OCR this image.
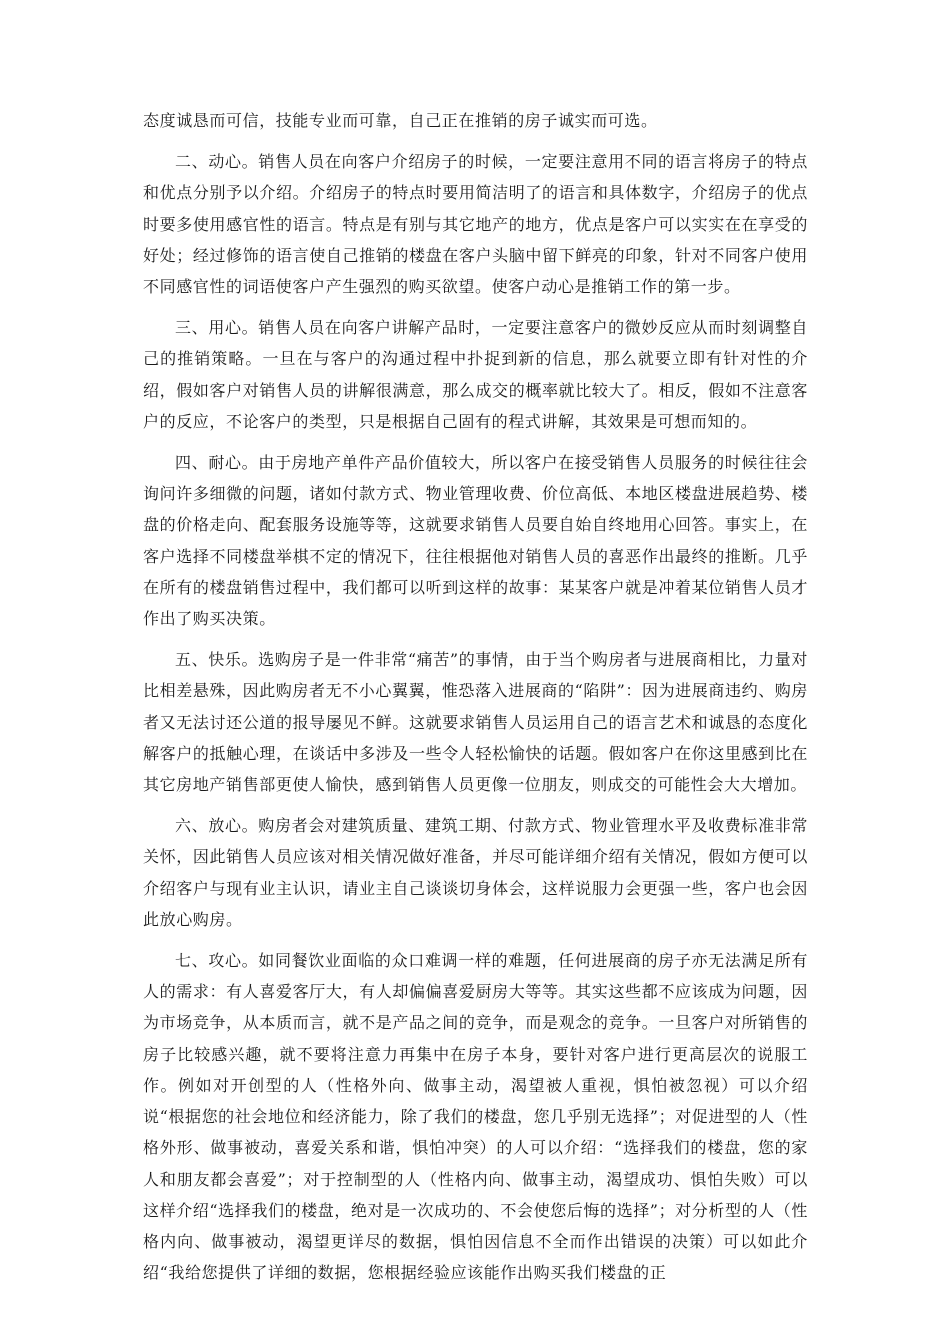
态度诚恳而可信，技能专业而可靠，自己正在推销的房子诚实而可选。

二、动心。销售人员在向客户介绍房子的时候，一定要注意用不同的语言将房子的特点和优点分别予以介绍。介绍房子的特点时要用简洁明了的语言和具体数字，介绍房子的优点时要多使用感官性的语言。特点是有别与其它地产的地方，优点是客户可以实实在在享受的好处；经过修饰的语言使自己推销的楼盘在客户头脑中留下鲜亮的印象，针对不同客户使用不同感官性的词语使客户产生强烈的购买欲望。使客户动心是推销工作的第一步。

三、用心。销售人员在向客户讲解产品时，一定要注意客户的微妙反应从而时刻调整自己的推销策略。一旦在与客户的沟通过程中扑捉到新的信息，那么就要立即有针对性的介绍，假如客户对销售人员的讲解很满意，那么成交的概率就比较大了。相反，假如不注意客户的反应，不论客户的类型，只是根据自己固有的程式讲解，其效果是可想而知的。

四、耐心。由于房地产单件产品价值较大，所以客户在接受销售人员服务的时候往往会询问许多细微的问题，诸如付款方式、物业管理收费、价位高低、本地区楼盘进展趋势、楼盘的价格走向、配套服务设施等等，这就要求销售人员要自始自终地用心回答。事实上，在客户选择不同楼盘举棋不定的情况下，往往根据他对销售人员的喜恶作出最终的推断。几乎在所有的楼盘销售过程中，我们都可以听到这样的故事：某某客户就是冲着某位销售人员才作出了购买决策。

五、快乐。选购房子是一件非常“痛苦”的事情，由于当个购房者与进展商相比，力量对比相差悬殊，因此购房者无不小心翼翼，惟恐落入进展商的“陷阱”：因为进展商违约、购房者又无法讨还公道的报导屡见不鲜。这就要求销售人员运用自己的语言艺术和诚恳的态度化解客户的抵触心理，在谈话中多涉及一些令人轻松愉快的话题。假如客户在你这里感到比在其它房地产销售部更使人愉快，感到销售人员更像一位朋友，则成交的可能性会大大增加。

六、放心。购房者会对建筑质量、建筑工期、付款方式、物业管理水平及收费标准非常关怀，因此销售人员应该对相关情况做好准备，并尽可能详细介绍有关情况，假如方便可以介绍客户与现有业主认识，请业主自己谈谈切身体会，这样说服力会更强一些，客户也会因此放心购房。

七、攻心。如同餐饮业面临的众口难调一样的难题，任何进展商的房子亦无法满足所有人的需求：有人喜爱客厅大，有人却偏偏喜爱厨房大等等。其实这些都不应该成为问题，因为市场竞争，从本质而言，就不是产品之间的竞争，而是观念的竞争。一旦客户对所销售的房子比较感兴趣，就不要将注意力再集中在房子本身，要针对客户进行更高层次的说服工作。例如对开创型的人（性格外向、做事主动，渴望被人重视，惧怕被忽视）可以介绍说“根据您的社会地位和经济能力，除了我们的楼盘，您几乎别无选择”；对促进型的人（性格外形、做事被动，喜爱关系和谐，惧怕冲突）的人可以介绍：“选择我们的楼盘，您的家人和朋友都会喜爱”；对于控制型的人（性格内向、做事主动，渴望成功、惧怕失败）可以这样介绍“选择我们的楼盘，绝对是一次成功的、不会使您后悔的选择”；对分析型的人（性格内向、做事被动，渴望更详尽的数据，惧怕因信息不全而作出错误的决策）可以如此介绍“我给您提供了详细的数据，您根据经验应该能作出购买我们楼盘的正
